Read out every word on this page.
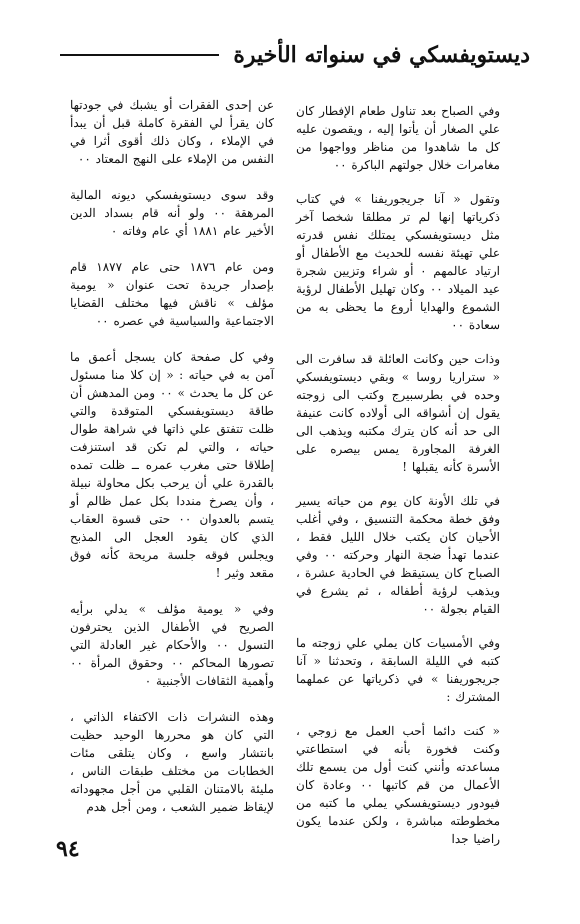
ديستويفسكي في سنواته الأخيرة

وفي الصباح بعد تناول طعام الإفطار كان علي الصغار أن يأتوا إليه ، ويقصون عليه كل ما شاهدوا من مناظر وواجهوا من مغامرات خلال جولتهم الباكرة ٠٠

وتقول « آنا جريجوريفنا » في كتاب ذكرياتها إنها لم تر مطلقا شخصا آخر مثل ديستويفسكي يمتلك نفس قدرته علي تهيئة نفسه للحديث مع الأطفال أو ارتياد عالمهم ٠ أو شراء وتزيين شجرة عيد الميلاد ٠٠ وكان تهليل الأطفال لرؤية الشموع والهدايا أروع ما يحظى به من سعادة ٠٠

وذات حين وكانت العائلة قد سافرت الى « ستراريا روسا » وبقي ديستويفسكي وحده في بطرسبيرج وكتب الى زوجته يقول إن أشواقه الى أولاده كانت عنيفة الى حد أنه كان يترك مكتبه ويذهب الى الغرفة المجاورة يمس بيصره على الأسرة كأنه يقبلها !

في تلك الأونة كان يوم من حياته يسير وفق خطة محكمة التنسيق ، وفي أغلب الأحيان كان يكتب خلال الليل فقط ، عندما تهدأ ضجة النهار وحركته ٠٠ وفي الصباح كان يستيقظ في الحادية عشرة ، ويذهب لرؤية أطفاله ، ثم يشرع في القيام بجولة ٠٠

وفي الأمسيات كان يملي علي زوجته ما كتبه في الليلة السابقة ، وتحدثنا « آنا جريجوريفنا » في ذكرياتها عن عملهما المشترك :

« كنت دائما أحب العمل مع زوجي ، وكنت فخورة بأنه في استطاعتي مساعدته وأنني كنت أول من يسمع تلك الأعمال من قم كاتبها ٠٠ وعادة كان فيودور ديستويفسكي يملي ما كتبه من مخطوطته مباشرة ، ولكن عندما يكون راضيا جدا

عن إحدى الفقرات أو يشبك في جودتها كان يقرأ لي الفقرة كاملة قبل أن يبدأ في الإملاء ، وكان ذلك أقوى أثرا في النفس من الإملاء على النهج المعتاد ٠٠

وقد سوى ديستويفسكي ديونه المالية المرهقة ٠٠ ولو أنه قام بسداد الدين الأخير عام ١٨٨١ أي عام وفاته ٠

ومن عام ١٨٧٦ حتى عام ١٨٧٧ قام بإصدار جريدة تحت عنوان « يومية مؤلف » ناقش فيها مختلف القضايا الاجتماعية والسياسية في عصره ٠٠

وفي كل صفحة كان يسجل أعمق ما آمن به في حياته : « إن كلا منا مسئول عن كل ما يحدث » ٠٠ ومن المدهش أن طاقة ديستويفسكي المتوقدة والتي ظلت تتفتق علي ذاتها في شراهة طوال حياته ، والتي لم تكن قد استنزفت إطلاقا حتى مغرب عمره ــ ظلت تمده بالقدرة علي أن يرحب بكل محاولة نبيلة ، وأن يصرخ منددا بكل عمل ظالم أو يتسم بالعدوان ٠٠ حتى قسوة العقاب الذي كان يقود العجل الى المذبح ويجلس فوقه جلسة مريحة كأنه فوق مقعد وثير !

وفي « يومية مؤلف » يدلي برأيه الصريح في الأطفال الذين يحترفون التسول ٠٠ والأحكام غير العادلة التي تصورها المحاكم ٠٠ وحقوق المرأة ٠٠ وأهمية الثقافات الأجنبية ٠

وهذه النشرات ذات الاكتفاء الذاتي ، التي كان هو محررها الوحيد حظيت بانتشار واسع ، وكان يتلقى مئات الخطابات من مختلف طبقات الناس ، مليئة بالامتنان القلبي من أجل مجهوداته لإيقاظ ضمير الشعب ، ومن أجل هدم

٩٤
